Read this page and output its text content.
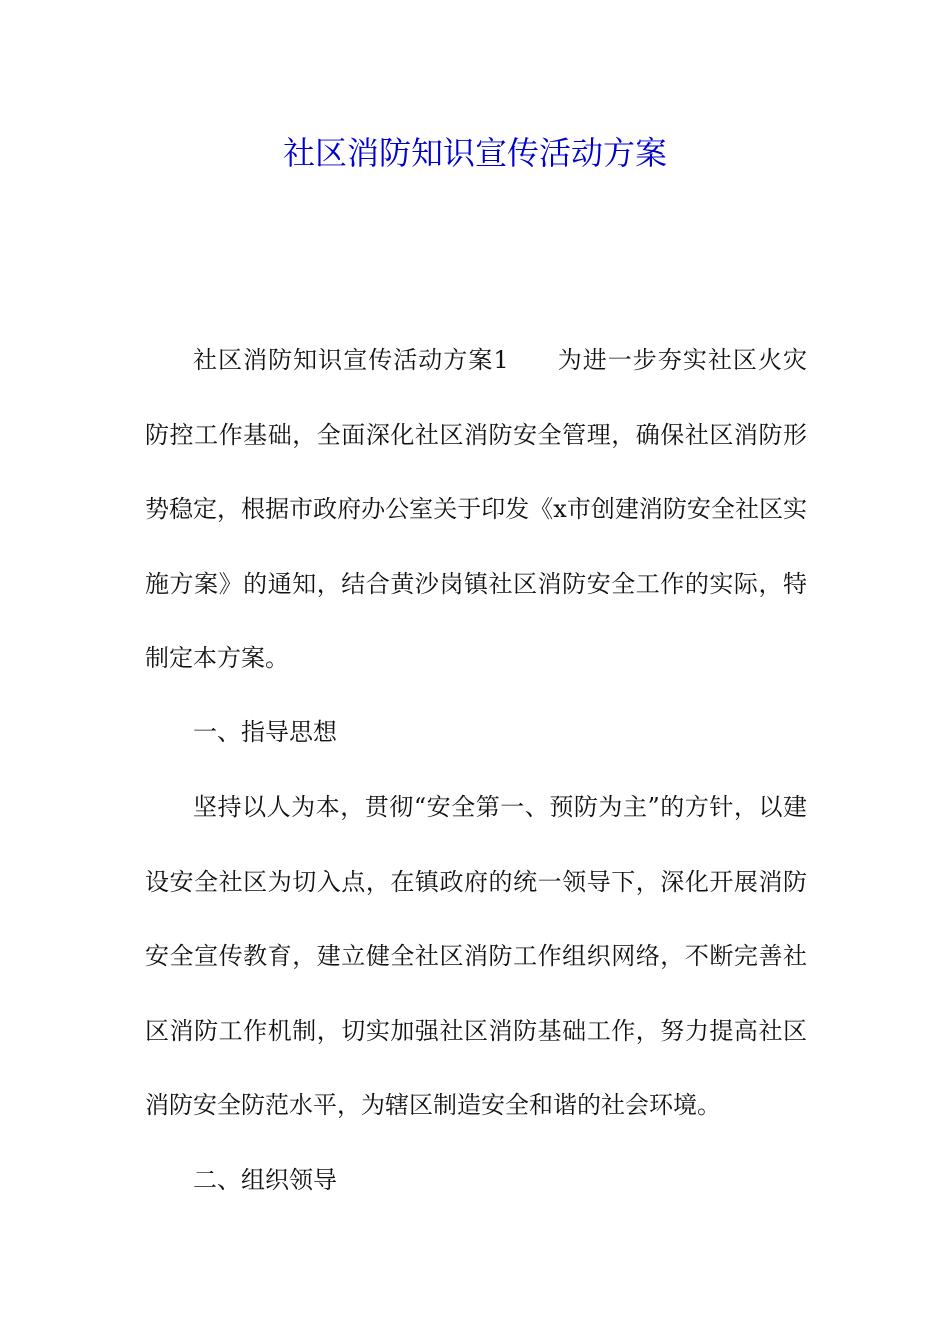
社区消防知识宣传活动方案

社区消防知识宣传活动方案1 为进一步夯实社区火灾防控工作基础，全面深化社区消防安全管理，确保社区消防形势稳定，根据市政府办公室关于印发《x市创建消防安全社区实施方案》的通知，结合黄沙岗镇社区消防安全工作的实际，特制定本方案。

一、指导思想

坚持以人为本，贯彻“安全第一、预防为主”的方针，以建设安全社区为切入点，在镇政府的统一领导下，深化开展消防安全宣传教育，建立健全社区消防工作组织网络，不断完善社区消防工作机制，切实加强社区消防基础工作，努力提高社区消防安全防范水平，为辖区制造安全和谐的社会环境。

二、组织领导
